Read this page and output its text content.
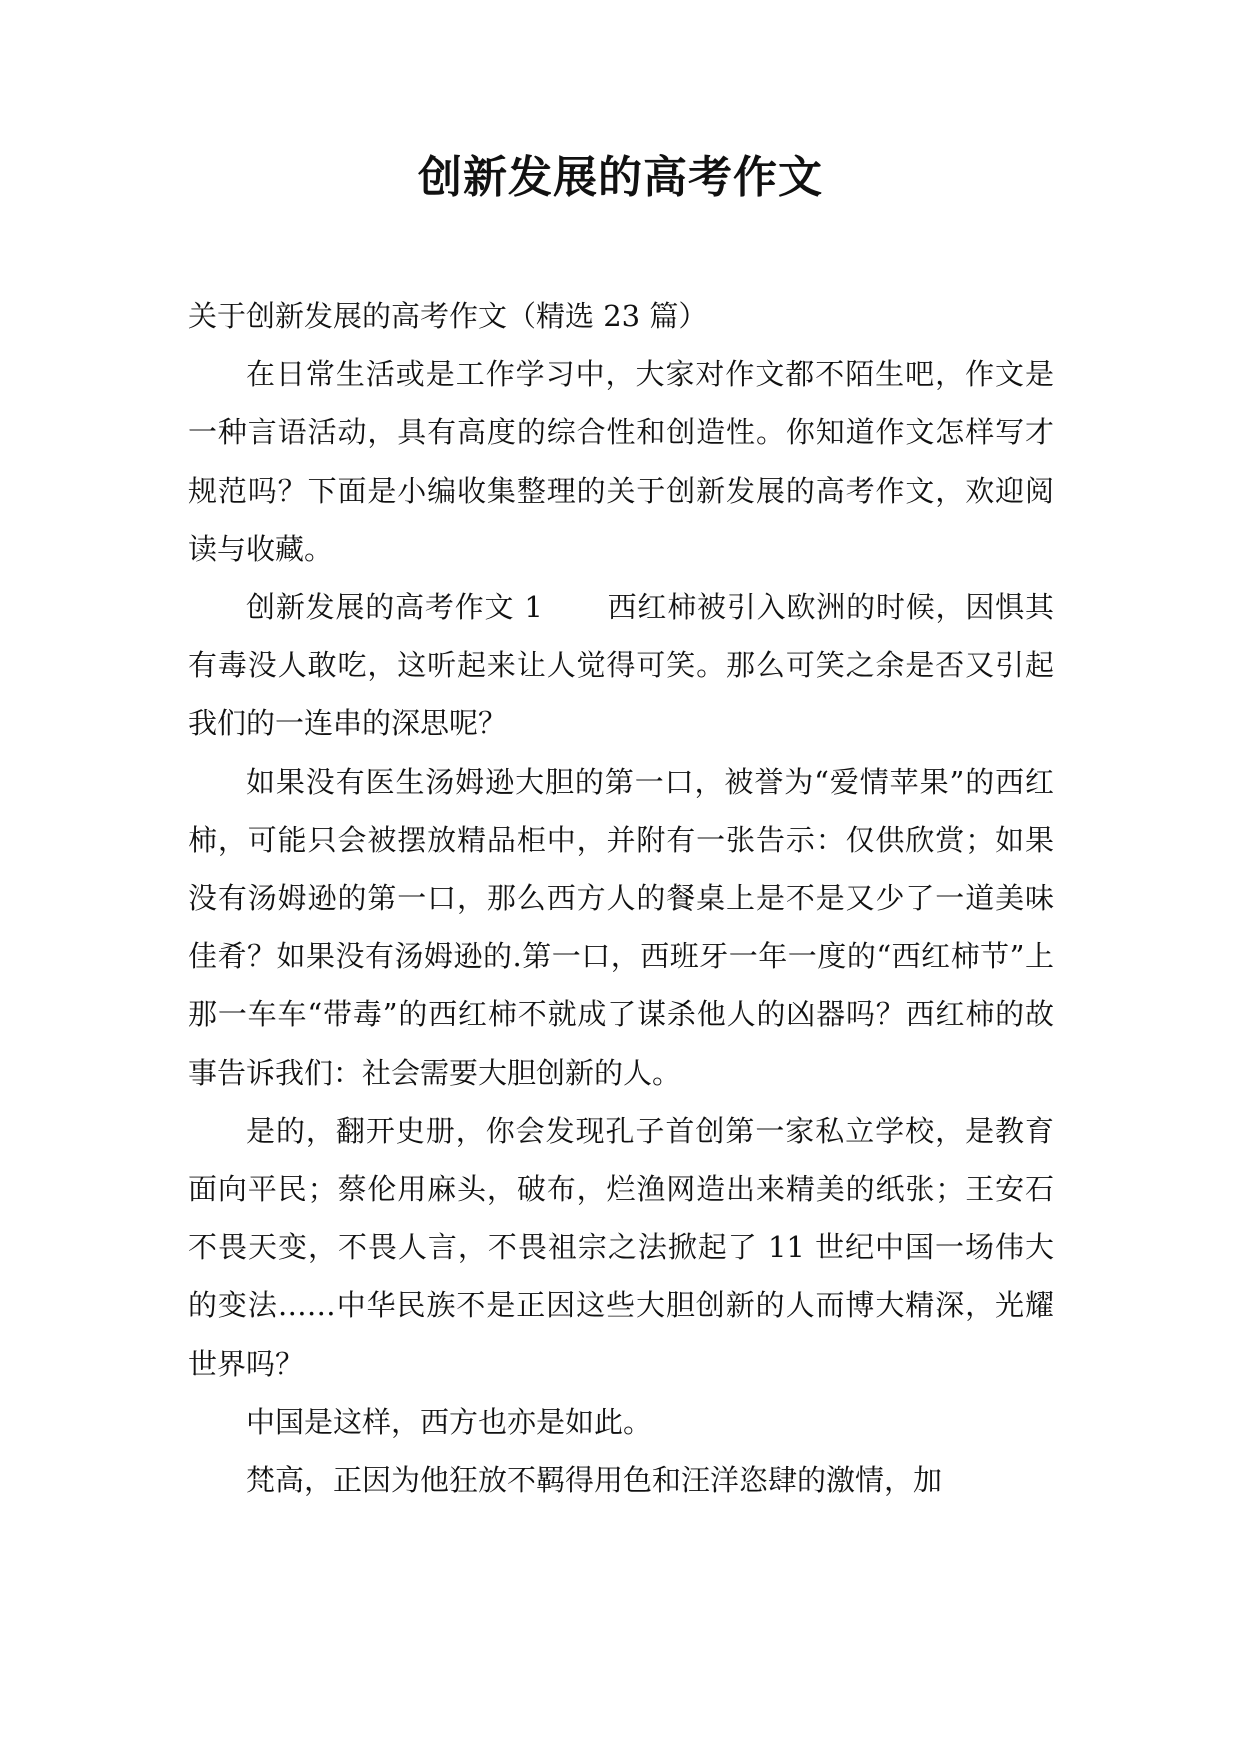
创新发展的高考作文

关于创新发展的高考作文（精选 23 篇）

在日常生活或是工作学习中，大家对作文都不陌生吧，作文是一种言语活动，具有高度的综合性和创造性。你知道作文怎样写才规范吗？下面是小编收集整理的关于创新发展的高考作文，欢迎阅读与收藏。

创新发展的高考作文 1 西红柿被引入欧洲的时候，因惧其有毒没人敢吃，这听起来让人觉得可笑。那么可笑之余是否又引起我们的一连串的深思呢？

如果没有医生汤姆逊大胆的第一口，被誉为“爱情苹果”的西红柿，可能只会被摆放精品柜中，并附有一张告示：仅供欣赏；如果没有汤姆逊的第一口，那么西方人的餐桌上是不是又少了一道美味佳肴？如果没有汤姆逊的.第一口，西班牙一年一度的“西红柿节”上那一车车“带毒”的西红柿不就成了谋杀他人的凶器吗？西红柿的故事告诉我们：社会需要大胆创新的人。

是的，翻开史册，你会发现孔子首创第一家私立学校，是教育面向平民；蔡伦用麻头，破布，烂渔网造出来精美的纸张；王安石不畏天变，不畏人言，不畏祖宗之法掀起了 11 世纪中国一场伟大的变法……中华民族不是正因这些大胆创新的人而博大精深，光耀世界吗？

中国是这样，西方也亦是如此。

梵高，正因为他狂放不羁得用色和汪洋恣肆的激情，加
